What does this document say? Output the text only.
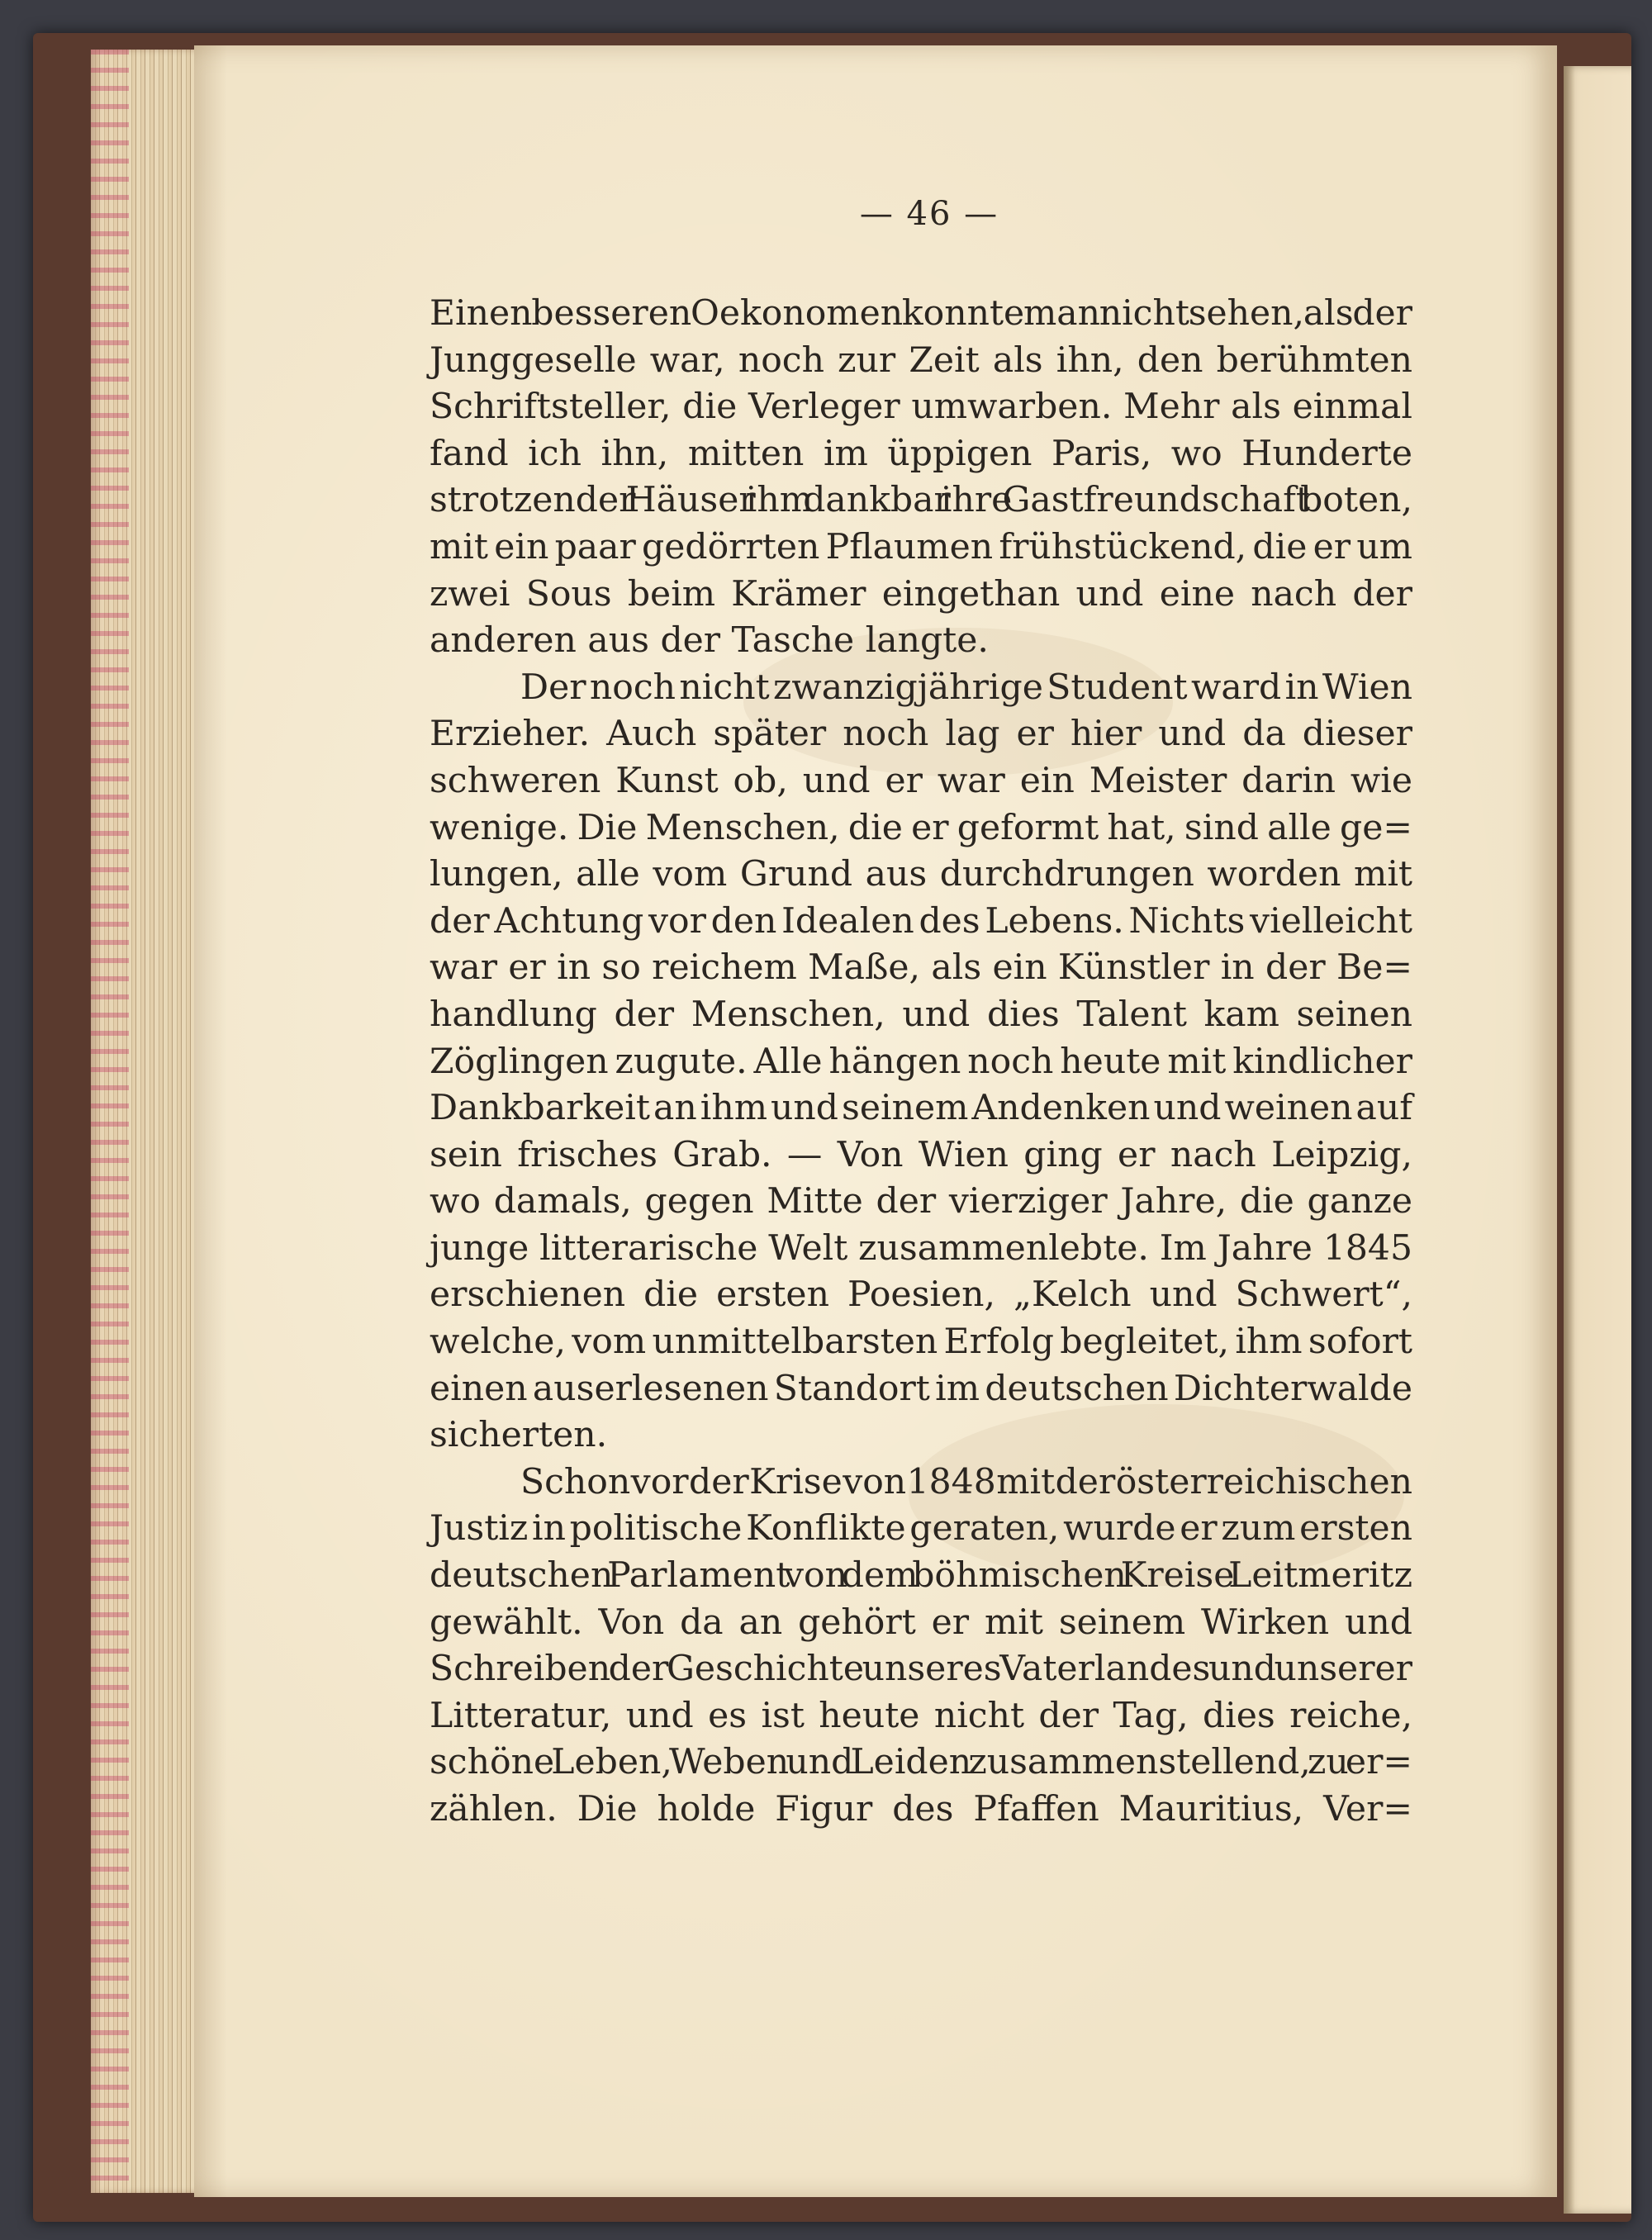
— 46 —

Einen besseren Oekonomen konnte man nicht sehen, als der
Junggeselle war, noch zur Zeit als ihn, den berühmten
Schriftsteller, die Verleger umwarben. Mehr als einmal
fand ich ihn, mitten im üppigen Paris, wo Hunderte
strotzender Häuser ihm dankbar ihre Gastfreundschaft boten,
mit ein paar gedörrten Pflaumen frühstückend, die er um
zwei Sous beim Krämer eingethan und eine nach der
anderen aus der Tasche langte.

Der noch nicht zwanzigjährige Student ward in Wien
Erzieher. Auch später noch lag er hier und da dieser
schweren Kunst ob, und er war ein Meister darin wie
wenige. Die Menschen, die er geformt hat, sind alle ge=
lungen, alle vom Grund aus durchdrungen worden mit
der Achtung vor den Idealen des Lebens. Nichts vielleicht
war er in so reichem Maße, als ein Künstler in der Be=
handlung der Menschen, und dies Talent kam seinen
Zöglingen zugute. Alle hängen noch heute mit kindlicher
Dankbarkeit an ihm und seinem Andenken und weinen auf
sein frisches Grab. — Von Wien ging er nach Leipzig,
wo damals, gegen Mitte der vierziger Jahre, die ganze
junge litterarische Welt zusammenlebte. Im Jahre 1845
erschienen die ersten Poesien, „Kelch und Schwert“,
welche, vom unmittelbarsten Erfolg begleitet, ihm sofort
einen auserlesenen Standort im deutschen Dichterwalde
sicherten.

Schon vor der Krise von 1848 mit der österreichischen
Justiz in politische Konflikte geraten, wurde er zum ersten
deutschen Parlament von dem böhmischen Kreise Leitmeritz
gewählt. Von da an gehört er mit seinem Wirken und
Schreiben der Geschichte unseres Vaterlandes und unserer
Litteratur, und es ist heute nicht der Tag, dies reiche,
schöne Leben, Weben und Leiden zusammenstellend, zu er=
zählen. Die holde Figur des Pfaffen Mauritius, Ver=
